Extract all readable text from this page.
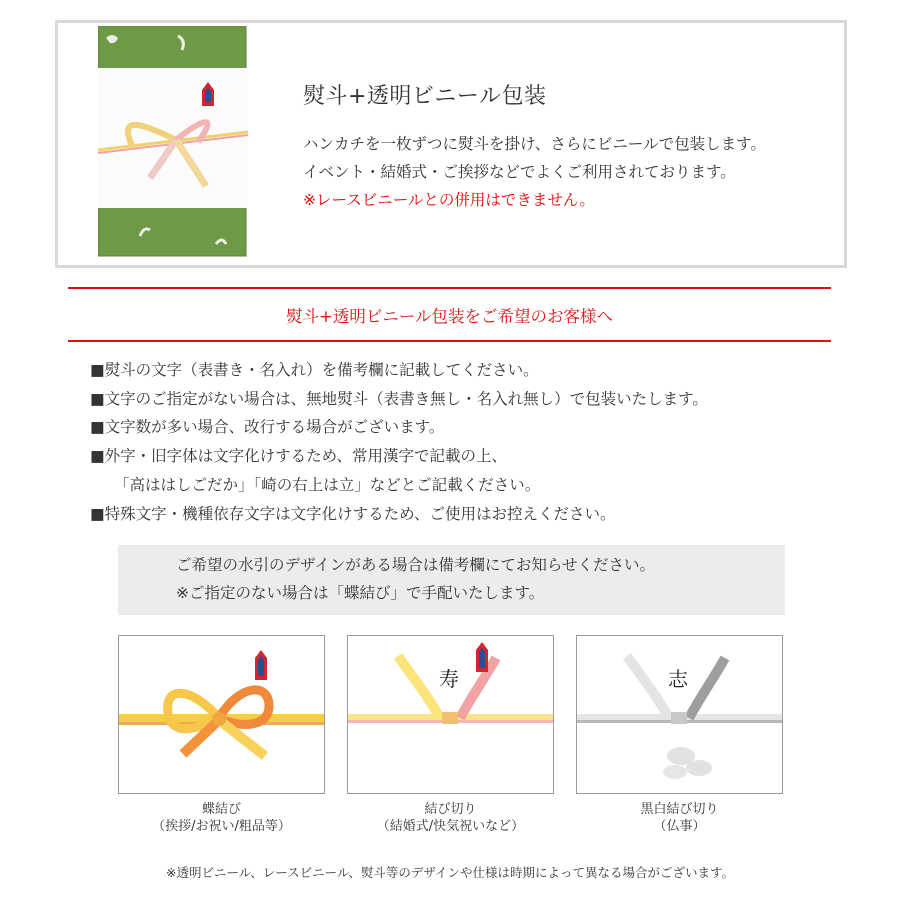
熨斗+透明ビニール包装
ハンカチを一枚ずつに熨斗を掛け、さらにビニールで包装します。
イベント・結婚式・ご挨拶などでよくご利用されております。
※レースビニールとの併用はできません。
熨斗+透明ビニール包装をご希望のお客様へ
■熨斗の文字（表書き・名入れ）を備考欄に記載してください。
■文字のご指定がない場合は、無地熨斗（表書き無し・名入れ無し）で包装いたします。
■文字数が多い場合、改行する場合がございます。
■外字・旧字体は文字化けするため、常用漢字で記載の上、
「高ははしごだか」「崎の右上は立」などとご記載ください。
■特殊文字・機種依存文字は文字化けするため、ご使用はお控えください。
ご希望の水引のデザインがある場合は備考欄にてお知らせください。
※ご指定のない場合は「蝶結び」で手配いたします。
蝶結び
（挨拶/お祝い/粗品等）
寿
結び切り
（結婚式/快気祝いなど）
志
黒白結び切り
（仏事）
※透明ビニール、レースビニール、熨斗等のデザインや仕様は時期によって異なる場合がございます。
